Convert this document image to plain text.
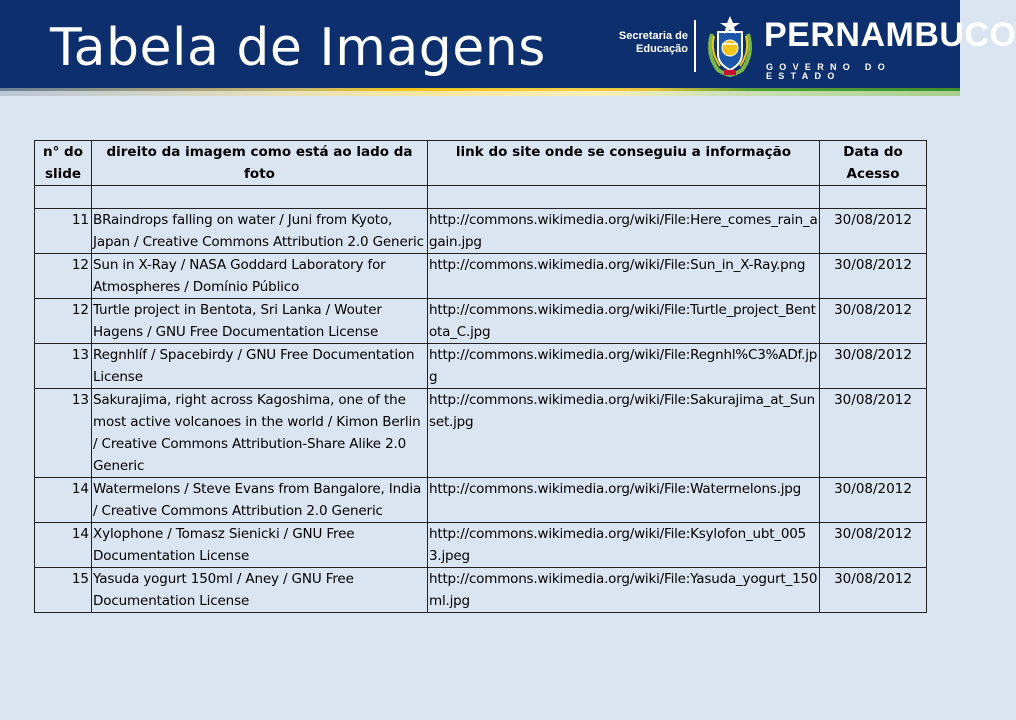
Tabela de Imagens	Secretaria de
Educação PERNAMBUCO
GOVERNO DO ESTADO
n° do slide	direito da imagem como está ao lado da foto	link do site onde se conseguiu a informação	Data do Acesso

11	BRaindrops falling on water / Juni from Kyoto, Japan / Creative Commons Attribution 2.0 Generic	http://commons.wikimedia.org/wiki/File:Here_comes_rain_again.jpg	30/08/2012
12	Sun in X-Ray / NASA Goddard Laboratory for Atmospheres / Domínio Público	http://commons.wikimedia.org/wiki/File:Sun_in_X-Ray.png	30/08/2012
12	Turtle project in Bentota, Sri Lanka / Wouter Hagens / GNU Free Documentation License	http://commons.wikimedia.org/wiki/File:Turtle_project_Bentota_C.jpg	30/08/2012
13	Regnhlíf / Spacebirdy / GNU Free Documentation License	http://commons.wikimedia.org/wiki/File:Regnhl%C3%ADf.jpg	30/08/2012
13	Sakurajima, right across Kagoshima, one of the most active volcanoes in the world / Kimon Berlin / Creative Commons Attribution-Share Alike 2.0 Generic	http://commons.wikimedia.org/wiki/File:Sakurajima_at_Sunset.jpg	30/08/2012
14	Watermelons / Steve Evans from Bangalore, India / Creative Commons Attribution 2.0 Generic	http://commons.wikimedia.org/wiki/File:Watermelons.jpg	30/08/2012
14	Xylophone / Tomasz Sienicki / GNU Free Documentation License	http://commons.wikimedia.org/wiki/File:Ksylofon_ubt_0053.jpeg	30/08/2012
15	Yasuda yogurt 150ml / Aney / GNU Free Documentation License	http://commons.wikimedia.org/wiki/File:Yasuda_yogurt_150ml.jpg	30/08/2012
